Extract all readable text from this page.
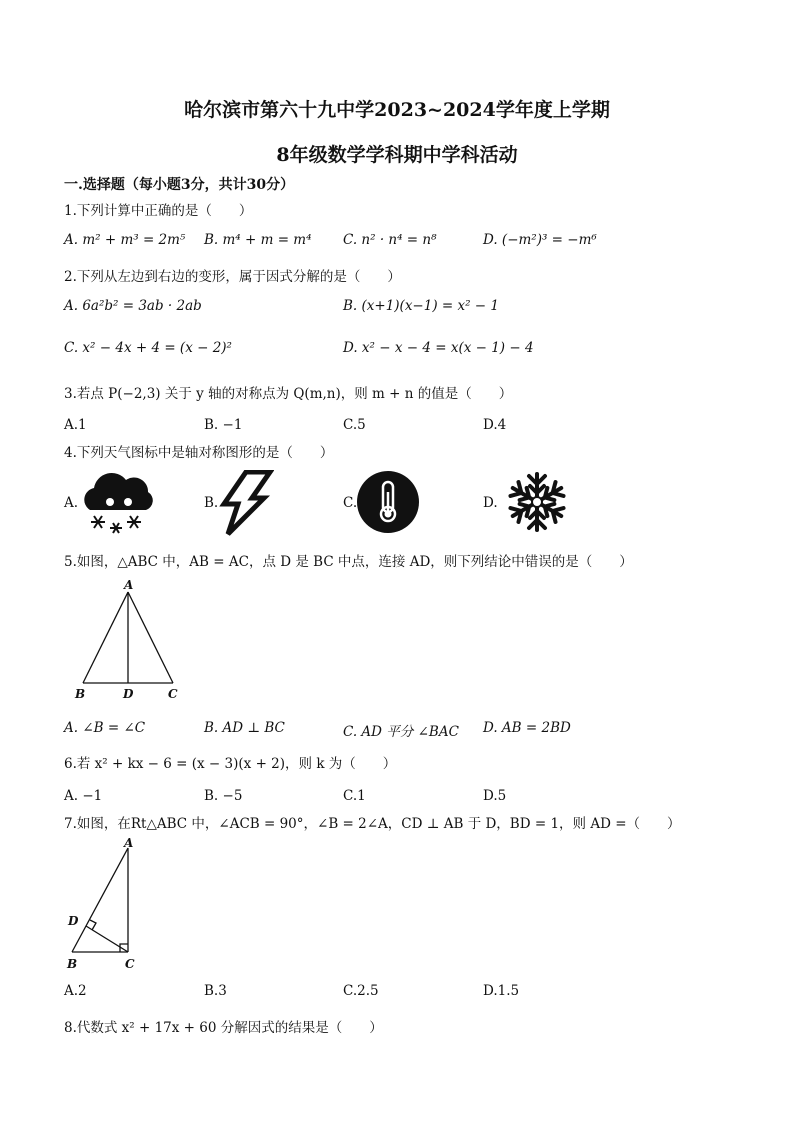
哈尔滨市第六十九中学2023~2024学年度上学期
8年级数学学科期中学科活动
一.选择题（每小题3分，共计30分）
1.下列计算中正确的是（　　）
A. m² + m³ = 2m⁵ B. m⁴ + m = m⁴ C. n² · n⁴ = n⁸	D. (−m²)³ = −m⁶
2.下列从左边到右边的变形，属于因式分解的是（　　）
A. 6a²b² = 3ab · 2ab	B. (x+1)(x−1) = x² − 1
C. x² − 4x + 4 = (x − 2)²	D. x² − x − 4 = x(x − 1) − 4
3.若点 P(−2,3) 关于 y 轴的对称点为 Q(m,n)，则 m + n 的值是（　　）
A.1	B. −1	C.5	D.4
4.下列天气图标中是轴对称图形的是（　　）
A.	B.	C.	D.
5.如图，△ABC 中，AB = AC，点 D 是 BC 中点，连接 AD，则下列结论中错误的是（　　）
A
B	D	C
A. ∠B = ∠C	B. AD ⊥ BC	C. AD 平分 ∠BAC D. AB = 2BD
6.若 x² + kx − 6 = (x − 3)(x + 2)，则 k 为（　　）
A. −1	B. −5	C.1	D.5
7.如图，在Rt△ABC 中，∠ACB = 90°，∠B = 2∠A，CD ⊥ AB 于 D，BD = 1，则 AD =（　　）
A
D
B	C
A.2	B.3	C.2.5	D.1.5
8.代数式 x² + 17x + 60 分解因式的结果是（　　）
